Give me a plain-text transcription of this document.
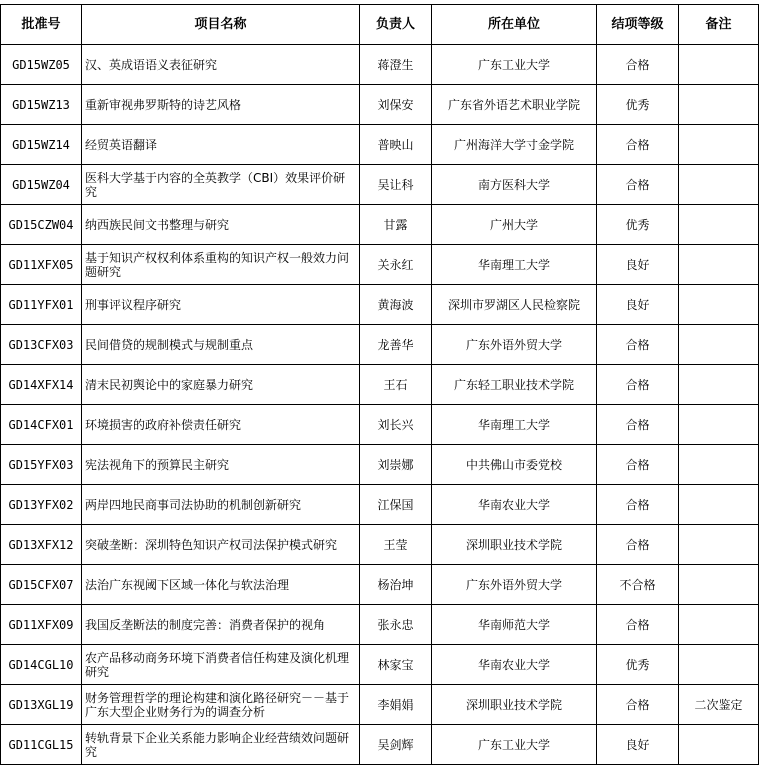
批准号	项目名称	负责人	所在单位	结项等级	备注
GD15WZ05	汉、英成语语义表征研究	蒋澄生	广东工业大学	合格	
GD15WZ13	重新审视弗罗斯特的诗艺风格	刘保安	广东省外语艺术职业学院	优秀	
GD15WZ14	经贸英语翻译	普映山	广州海洋大学寸金学院	合格	
GD15WZ04	医科大学基于内容的全英教学（CBI）效果评价研究	吴让科	南方医科大学	合格	
GD15CZW04	纳西族民间文书整理与研究	甘露	广州大学	优秀	
GD11XFX05	基于知识产权权利体系重构的知识产权一般效力问题研究	关永红	华南理工大学	良好	
GD11YFX01	刑事评议程序研究	黄海波	深圳市罗湖区人民检察院	良好	
GD13CFX03	民间借贷的规制模式与规制重点	龙善华	广东外语外贸大学	合格	
GD14XFX14	清末民初舆论中的家庭暴力研究	王石	广东轻工职业技术学院	合格	
GD14CFX01	环境损害的政府补偿责任研究	刘长兴	华南理工大学	合格	
GD15YFX03	宪法视角下的预算民主研究	刘崇娜	中共佛山市委党校	合格	
GD13YFX02	两岸四地民商事司法协助的机制创新研究	江保国	华南农业大学	合格	
GD13XFX12	突破垄断：深圳特色知识产权司法保护模式研究	王莹	深圳职业技术学院	合格	
GD15CFX07	法治广东视阈下区域一体化与软法治理	杨治坤	广东外语外贸大学	不合格	
GD11XFX09	我国反垄断法的制度完善：消费者保护的视角	张永忠	华南师范大学	合格	
GD14CGL10	农产品移动商务环境下消费者信任构建及演化机理研究	林家宝	华南农业大学	优秀	
GD13XGL19	财务管理哲学的理论构建和演化路径研究－－基于广东大型企业财务行为的调查分析	李娟娟	深圳职业技术学院	合格	二次鉴定
GD11CGL15	转轨背景下企业关系能力影响企业经营绩效问题研究	吴剑辉	广东工业大学	良好	
